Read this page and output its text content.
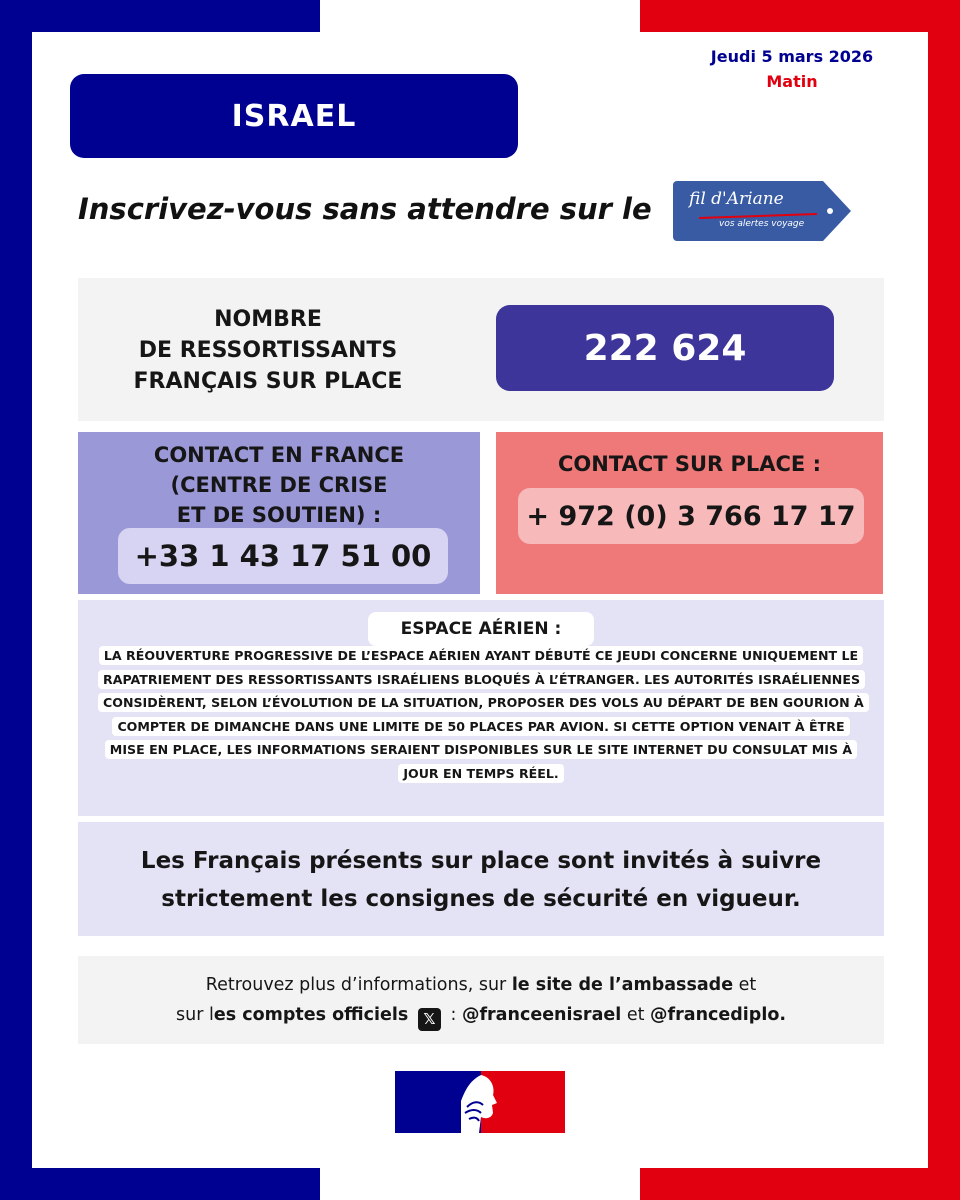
Jeudi 5 mars 2026
Matin
ISRAEL
Inscrivez-vous sans attendre sur le fil d'Ariane
vos alertes voyage
NOMBRE
DE RESSORTISSANTS
FRANÇAIS SUR PLACE
222 624
CONTACT EN FRANCE
(CENTRE DE CRISE
ET DE SOUTIEN) :
+33 1 43 17 51 00
CONTACT SUR PLACE :
+ 972 (0) 3 766 17 17
ESPACE AÉRIEN :
LA RÉOUVERTURE PROGRESSIVE DE L’ESPACE AÉRIEN AYANT DÉBUTÉ CE JEUDI CONCERNE UNIQUEMENT LE RAPATRIEMENT DES RESSORTISSANTS ISRAÉLIENS BLOQUÉS À L’ÉTRANGER. LES AUTORITÉS ISRAÉLIENNES CONSIDÈRENT, SELON L’ÉVOLUTION DE LA SITUATION, PROPOSER DES VOLS AU DÉPART DE BEN GOURION À COMPTER DE DIMANCHE DANS UNE LIMITE DE 50 PLACES PAR AVION. SI CETTE OPTION VENAIT À ÊTRE MISE EN PLACE, LES INFORMATIONS SERAIENT DISPONIBLES SUR LE SITE INTERNET DU CONSULAT MIS À JOUR EN TEMPS RÉEL.
Les Français présents sur place sont invités à suivre
strictement les consignes de sécurité en vigueur.
Retrouvez plus d’informations, sur le site de l’ambassade et
sur les comptes officiels 𝕏 : @franceenisrael et @francediplo.
